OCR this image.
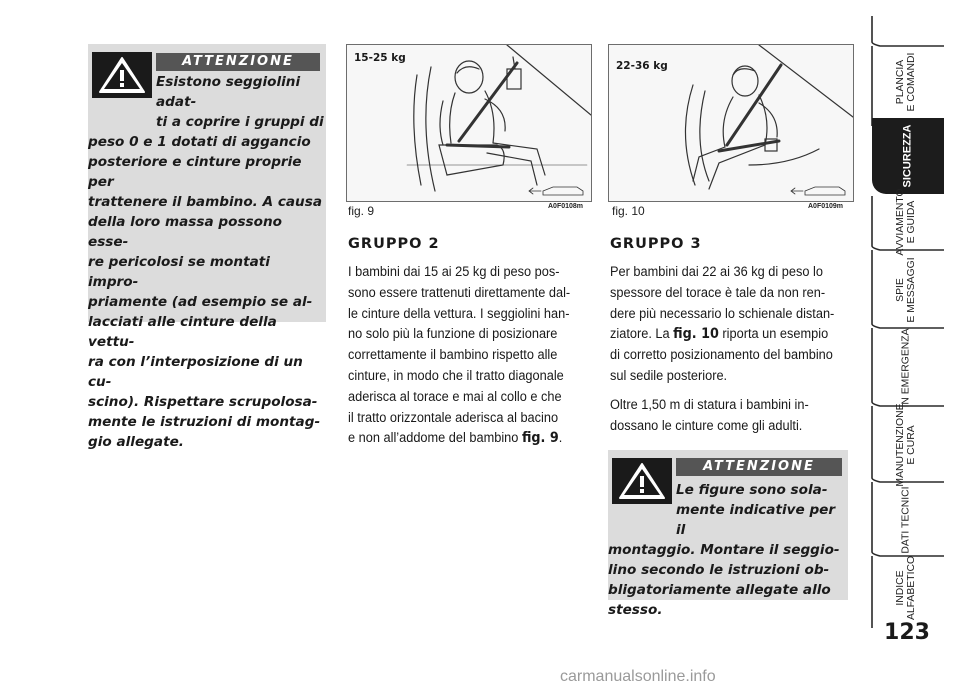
ATTENZIONE
Esistono seggiolini adat-
ti a coprire i gruppi di
peso 0 e 1 dotati di aggancio
posteriore e cinture proprie per
trattenere il bambino. A causa
della loro massa possono esse-
re pericolosi se montati impro-
priamente (ad esempio se al-
lacciati alle cinture della vettu-
ra con l’interposizione di un cu-
scino). Rispettare scrupolosa-
mente le istruzioni di montag-
gio allegate.
15-25 kg
fig. 9	A0F0108m
22-36 kg
fig. 10	A0F0109m
GRUPPO 2
I bambini dai 15 ai 25 kg di peso pos-
sono essere trattenuti direttamente dal-
le cinture della vettura. I seggiolini han-
no solo più la funzione di posizionare
correttamente il bambino rispetto alle
cinture, in modo che il tratto diagonale
aderisca al torace e mai al collo e che
il tratto orizzontale aderisca al bacino
e non all’addome del bambino fig. 9.
GRUPPO 3
Per bambini dai 22 ai 36 kg di peso lo
spessore del torace è tale da non ren-
dere più necessario lo schienale distan-
ziatore. La fig. 10 riporta un esempio
di corretto posizionamento del bambino
sul sedile posteriore.
Oltre 1,50 m di statura i bambini in-
dossano le cinture come gli adulti.
ATTENZIONE
Le figure sono sola-
mente indicative per il
montaggio. Montare il seggio-
lino secondo le istruzioni ob-
bligatoriamente allegate allo
stesso.
PLANCIA
E COMANDI
SICUREZZA
AVVIAMENTO
E GUIDA
SPIE
E MESSAGGI
IN EMERGENZA
MANUTENZIONE
E CURA
DATI TECNICI
INDICE
ALFABETICO
123
carmanualsonline.info
